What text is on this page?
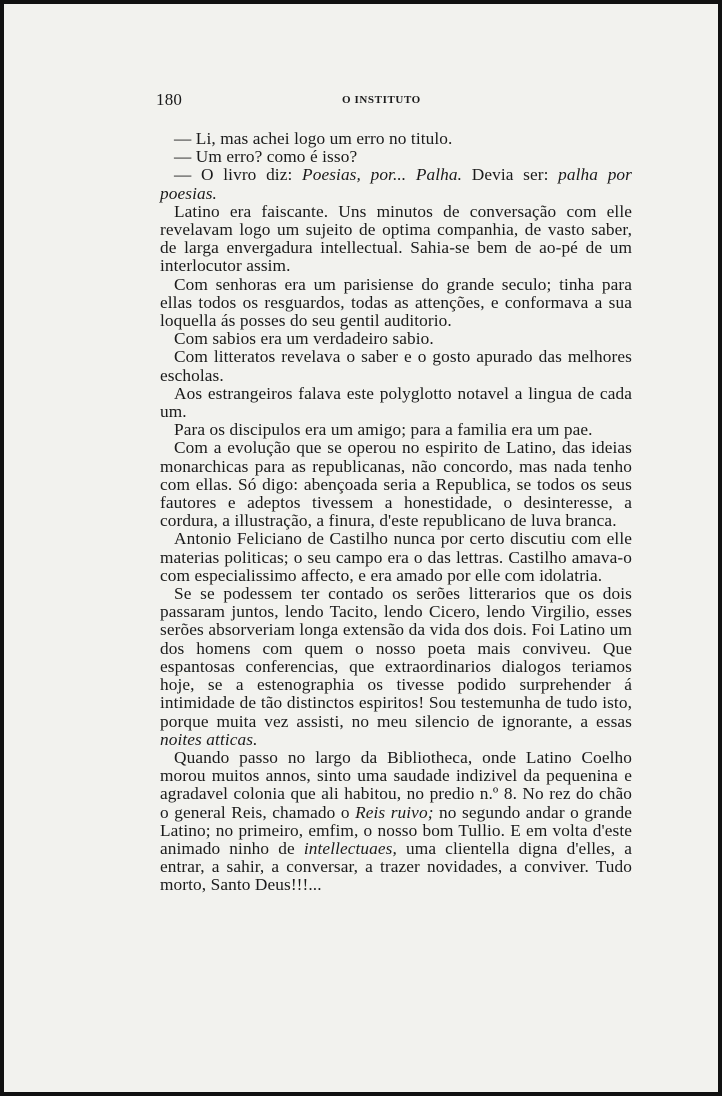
180	O INSTITUTO

— Li, mas achei logo um erro no titulo.

— Um erro? como é isso?

— O livro diz: Poesias, por... Palha. Devia ser: palha por poesias.

Latino era faiscante. Uns minutos de conversação com elle revelavam logo um sujeito de optima companhia, de vasto saber, de larga envergadura intellectual. Sahia-se bem de ao-pé de um interlocutor assim.

Com senhoras era um parisiense do grande seculo; tinha para ellas todos os resguardos, todas as attenções, e conformava a sua loquella ás posses do seu gentil auditorio.

Com sabios era um verdadeiro sabio.

Com litteratos revelava o saber e o gosto apurado das melhores escholas.

Aos estrangeiros falava este polyglotto notavel a lingua de cada um.

Para os discipulos era um amigo; para a familia era um pae.

Com a evolução que se operou no espirito de Latino, das ideias monarchicas para as republicanas, não concordo, mas nada tenho com ellas. Só digo: abençoada seria a Republica, se todos os seus fautores e adeptos tivessem a honestidade, o desinteresse, a cordura, a illustração, a finura, d'este republicano de luva branca.

Antonio Feliciano de Castilho nunca por certo discutiu com elle materias politicas; o seu campo era o das lettras. Castilho amava-o com especialissimo affecto, e era amado por elle com idolatria.

Se se podessem ter contado os serões litterarios que os dois passaram juntos, lendo Tacito, lendo Cicero, lendo Virgilio, esses serões absorveriam longa extensão da vida dos dois. Foi Latino um dos homens com quem o nosso poeta mais conviveu. Que espantosas conferencias, que extraordinarios dialogos teriamos hoje, se a estenographia os tivesse podido surprehender á intimidade de tão distinctos espiritos! Sou testemunha de tudo isto, porque muita vez assisti, no meu silencio de ignorante, a essas noites atticas.

Quando passo no largo da Bibliotheca, onde Latino Coelho morou muitos annos, sinto uma saudade indizivel da pequenina e agradavel colonia que ali habitou, no predio n.º 8. No rez do chão o general Reis, chamado o Reis ruivo; no segundo andar o grande Latino; no primeiro, emfim, o nosso bom Tullio. E em volta d'este animado ninho de intellectuaes, uma clientella digna d'elles, a entrar, a sahir, a conversar, a trazer novidades, a conviver. Tudo morto, Santo Deus!!!...
